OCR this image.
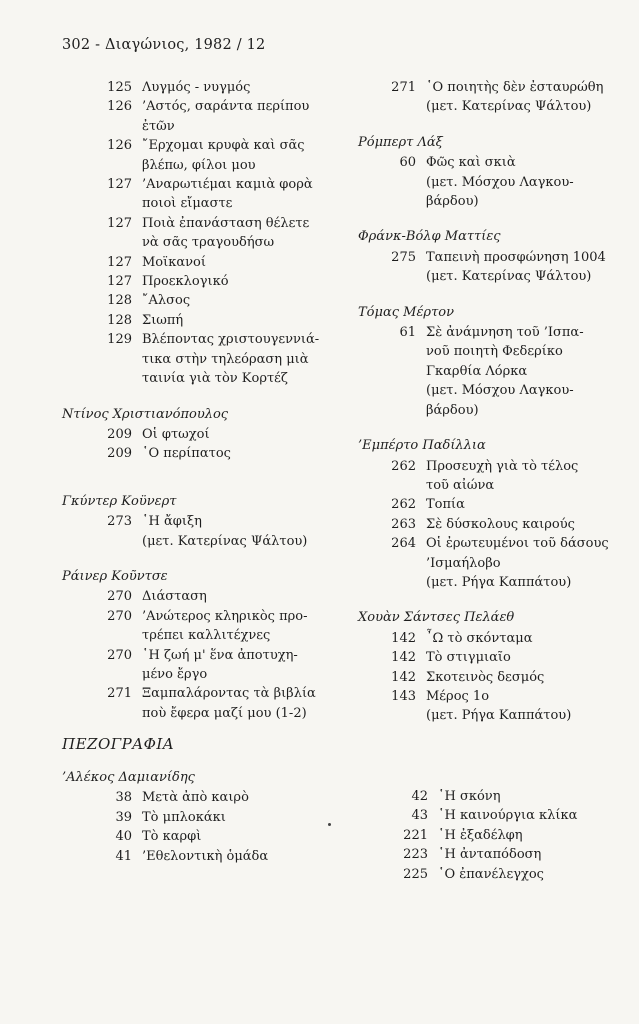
302 - Διαγώνιος, 1982 / 12
125 Λυγμός - νυγμός
126 ’Αστός, σαράντα περίπου
ἐτῶν
126 ῎Ερχομαι κρυφὰ καὶ σᾶς
βλέπω, φίλοι μου
127 ’Αναρωτιέμαι καμιὰ φορὰ
ποιοὶ εἴμαστε
127 Ποιὰ ἐπανάσταση θέλετε
νὰ σᾶς τραγουδήσω
127 Μοϊκανοί
127 Προεκλογικό
128 ῎Αλσος
128 Σιωπή
129 Βλέποντας χριστουγεννιά-
τικα στὴν τηλεόραση μιὰ
ταινία γιὰ τὸν Κορτέζ
Ντίνος Χριστιανόπουλος
209 Οἱ φτωχοί
209 ῾Ο περίπατος
Γκύντερ Κοϋνερτ
273 ῾Η ἄφιξη
(μετ. Κατερίνας Ψάλτου)
Ράινερ Κοῦντσε
270 Διάσταση
270 ’Ανώτερος κληρικὸς προ-
τρέπει καλλιτέχνες
270 ῾Η ζωή μ' ἕνα ἀποτυχη-
μένο ἔργο
271 Ξαμπαλάροντας τὰ βιβλία
ποὺ ἔφερα μαζί μου (1-2)
271 ῾Ο ποιητὴς δὲν ἐσταυρώθη
(μετ. Κατερίνας Ψάλτου)
Ρόμπερτ Λάξ
60 Φῶς καὶ σκιὰ
(μετ. Μόσχου Λαγκου-
βάρδου)
Φράνκ-Βόλφ Ματτίες
275 Ταπεινὴ προσφώνηση 1004
(μετ. Κατερίνας Ψάλτου)
Τόμας Μέρτον
61 Σὲ ἀνάμνηση τοῦ ’Ισπα-
νοῦ ποιητὴ Φεδερίκο
Γκαρθία Λόρκα
(μετ. Μόσχου Λαγκου-
βάρδου)
’Εμπέρτο Παδίλλια
262 Προσευχὴ γιὰ τὸ τέλος
τοῦ αἰώνα
262 Τοπία
263 Σὲ δύσκολους καιρούς
264 Οἱ ἐρωτευμένοι τοῦ δάσους
’Ισμαήλοβο
(μετ. Ρήγα Καππάτου)
Χουὰν Σάντσες Πελάεθ
142 ῏Ω τὸ σκόνταμα
142 Τὸ στιγμιαῖο
142 Σκοτεινὸς δεσμός
143 Μέρος 1ο
(μετ. Ρήγα Καππάτου)
ΠΕΖΟΓΡΑΦΙΑ
’Αλέκος Δαμιανίδης
38 Μετὰ ἀπὸ καιρὸ
39 Τὸ μπλοκάκι
40 Τὸ καρφὶ
41 ’Εθελοντικὴ ὁμάδα
42 ῾Η σκόνη
43 ῾Η καινούργια κλίκα
221 ῾Η ἐξαδέλφη
223 ῾Η ἀνταπόδοση
225 ῾Ο ἐπανέλεγχος
